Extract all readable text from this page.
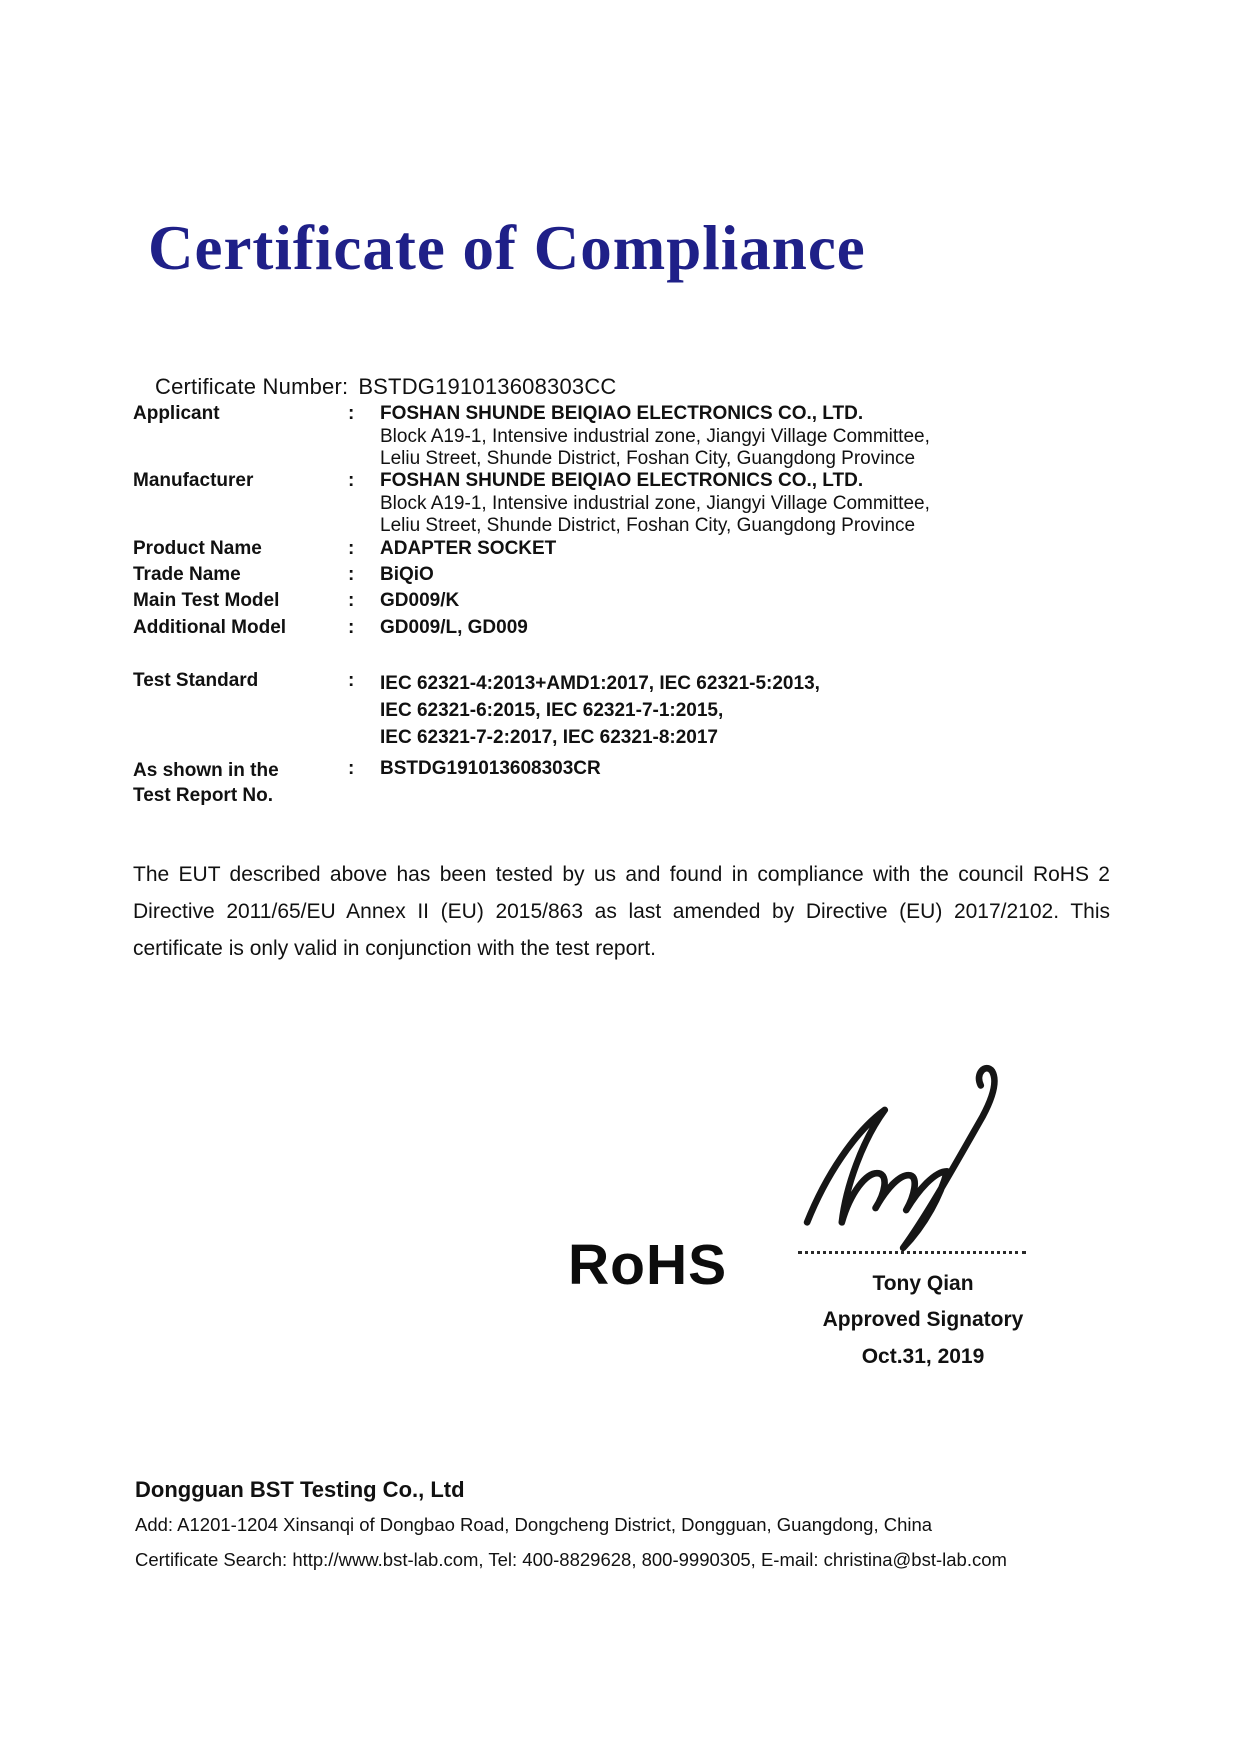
Certificate of Compliance
Certificate Number: BSTDG191013608303CC
Applicant	:	FOSHAN SHUNDE BEIQIAO ELECTRONICS CO., LTD.
Block A19-1, Intensive industrial zone, Jiangyi Village Committee,
Leliu Street, Shunde District, Foshan City, Guangdong Province
Manufacturer	:	FOSHAN SHUNDE BEIQIAO ELECTRONICS CO., LTD.
Block A19-1, Intensive industrial zone, Jiangyi Village Committee,
Leliu Street, Shunde District, Foshan City, Guangdong Province
Product Name	:	ADAPTER SOCKET
Trade Name	:	BiQiO
Main Test Model	:	GD009/K
Additional Model	:	GD009/L, GD009
Test Standard	:	IEC 62321-4:2013+AMD1:2017, IEC 62321-5:2013,
IEC 62321-6:2015, IEC 62321-7-1:2015,
IEC 62321-7-2:2017, IEC 62321-8:2017
As shown in the
Test Report No.
:	BSTDG191013608303CR
The EUT described above has been tested by us and found in compliance with the council RoHS 2 Directive 2011/65/EU Annex II (EU) 2015/863 as last amended by Directive (EU) 2017/2102. This certificate is only valid in conjunction with the test report.
RoHS	Tony Qian
Approved Signatory
Oct.31, 2019
Dongguan BST Testing Co., Ltd
Add: A1201-1204 Xinsanqi of Dongbao Road, Dongcheng District, Dongguan, Guangdong, China
Certificate Search: http://www.bst-lab.com, Tel: 400-8829628, 800-9990305, E-mail: christina@bst-lab.com
